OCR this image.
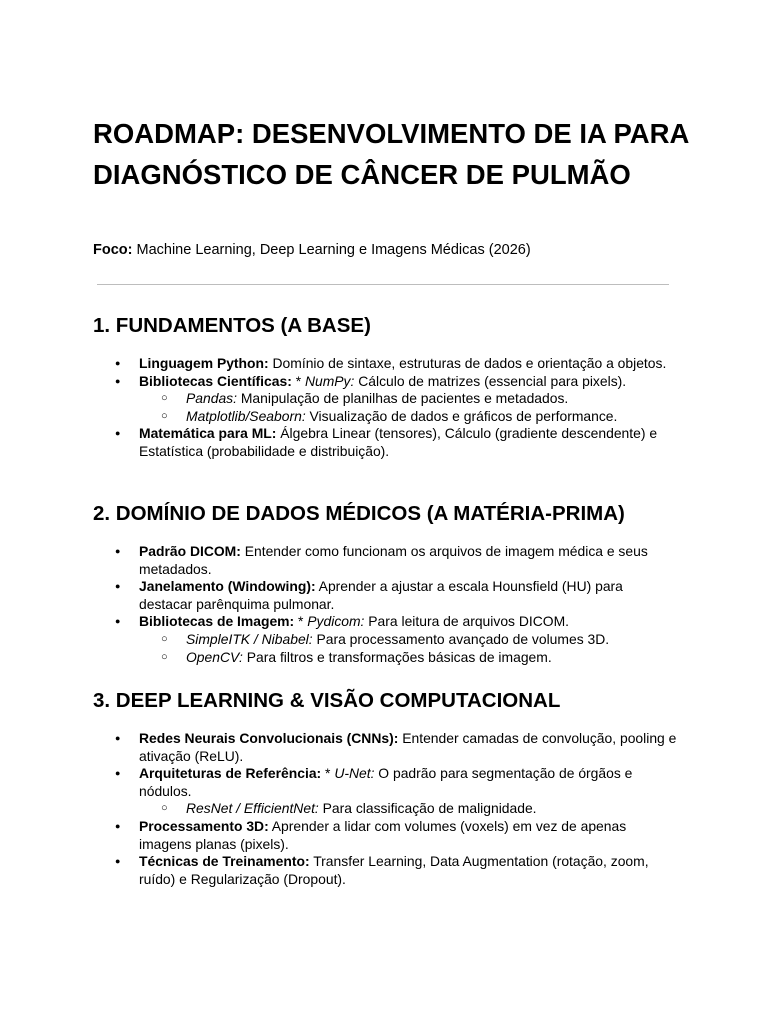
ROADMAP: DESENVOLVIMENTO DE IA PARA DIAGNÓSTICO DE CÂNCER DE PULMÃO

Foco: Machine Learning, Deep Learning e Imagens Médicas (2026)

1. FUNDAMENTOS (A BASE)
● Linguagem Python: Domínio de sintaxe, estruturas de dados e orientação a objetos.
● Bibliotecas Científicas: * NumPy: Cálculo de matrizes (essencial para pixels).
○ Pandas: Manipulação de planilhas de pacientes e metadados.
○ Matplotlib/Seaborn: Visualização de dados e gráficos de performance.
● Matemática para ML: Álgebra Linear (tensores), Cálculo (gradiente descendente) e Estatística (probabilidade e distribuição).
2. DOMÍNIO DE DADOS MÉDICOS (A MATÉRIA-PRIMA)
● Padrão DICOM: Entender como funcionam os arquivos de imagem médica e seus metadados.
● Janelamento (Windowing): Aprender a ajustar a escala Hounsfield (HU) para destacar parênquima pulmonar.
● Bibliotecas de Imagem: * Pydicom: Para leitura de arquivos DICOM.
○ SimpleITK / Nibabel: Para processamento avançado de volumes 3D.
○ OpenCV: Para filtros e transformações básicas de imagem.
3. DEEP LEARNING & VISÃO COMPUTACIONAL
● Redes Neurais Convolucionais (CNNs): Entender camadas de convolução, pooling e ativação (ReLU).
● Arquiteturas de Referência: * U-Net: O padrão para segmentação de órgãos e nódulos.
○ ResNet / EfficientNet: Para classificação de malignidade.
● Processamento 3D: Aprender a lidar com volumes (voxels) em vez de apenas imagens planas (pixels).
● Técnicas de Treinamento: Transfer Learning, Data Augmentation (rotação, zoom, ruído) e Regularização (Dropout).
